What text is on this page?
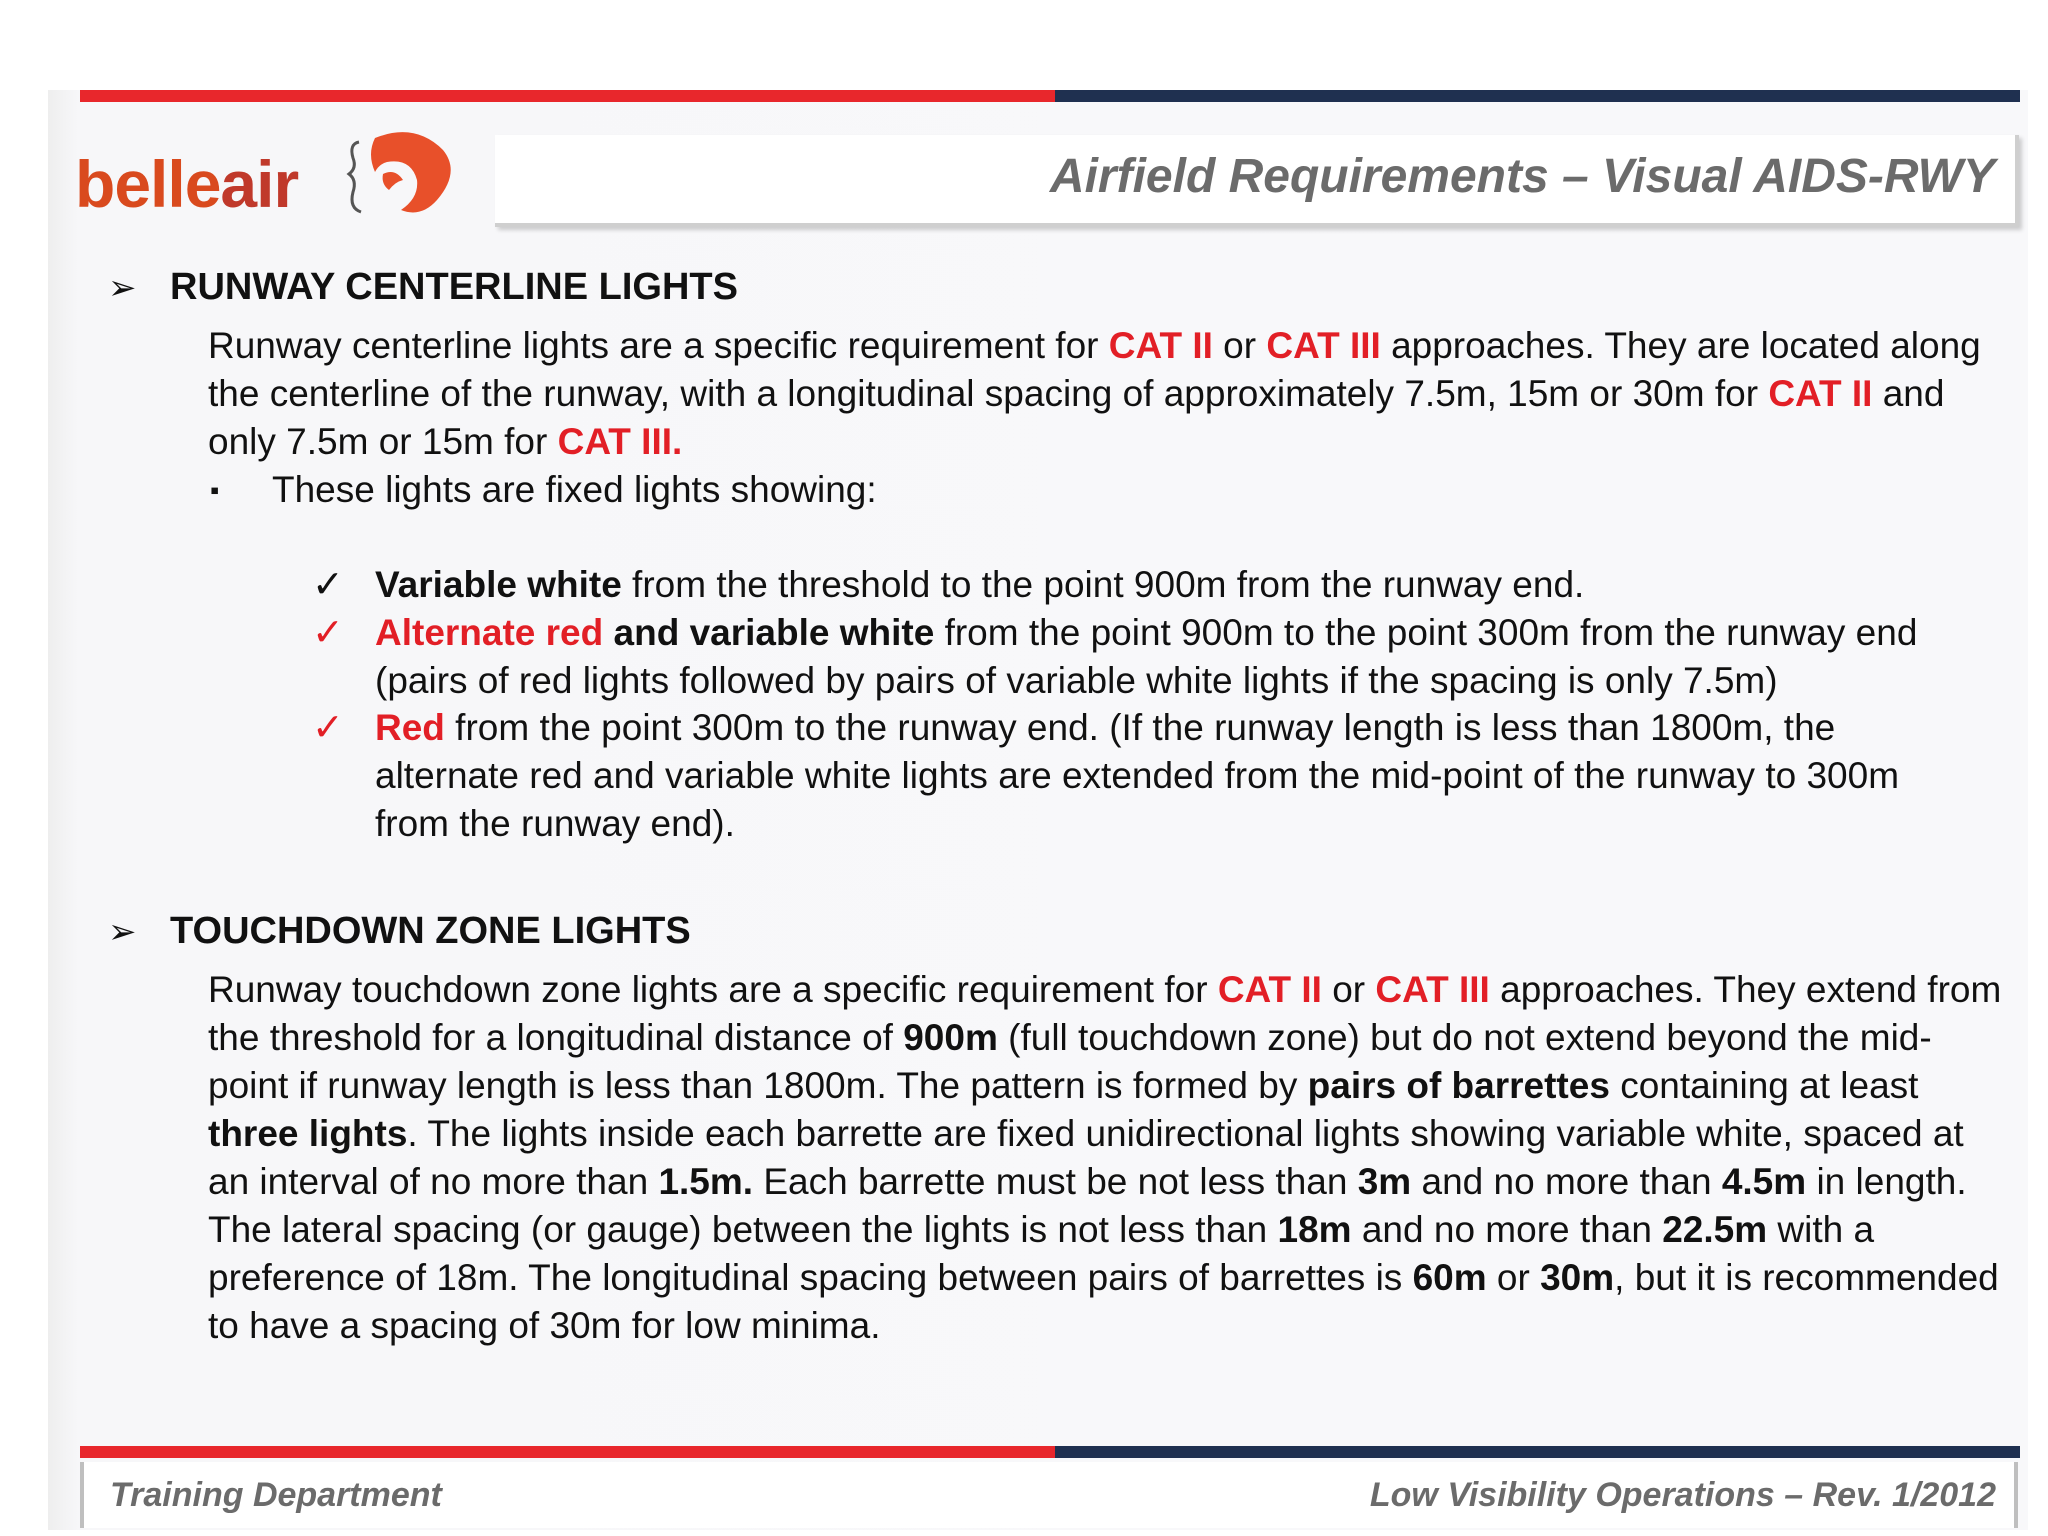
belleair	Airfield Requirements – Visual AIDS-RWY
➢ RUNWAY CENTERLINE LIGHTS
Runway centerline lights are a specific requirement for CAT II or CAT III approaches. They are located along the centerline of the runway, with a longitudinal spacing of approximately 7.5m, 15m or 30m for CAT II and only 7.5m or 15m for CAT III.
▪ These lights are fixed lights showing:
✓ Variable white from the threshold to the point 900m from the runway end.
✓ Alternate red and variable white from the point 900m to the point 300m from the runway end (pairs of red lights followed by pairs of variable white lights if the spacing is only 7.5m)
✓ Red from the point 300m to the runway end. (If the runway length is less than 1800m, the alternate red and variable white lights are extended from the mid-point of the runway to 300m from the runway end).
➢ TOUCHDOWN ZONE LIGHTS
Runway touchdown zone lights are a specific requirement for CAT II or CAT III approaches. They extend from the threshold for a longitudinal distance of 900m (full touchdown zone) but do not extend beyond the mid-point if runway length is less than 1800m. The pattern is formed by pairs of barrettes containing at least three lights. The lights inside each barrette are fixed unidirectional lights showing variable white, spaced at an interval of no more than 1.5m. Each barrette must be not less than 3m and no more than 4.5m in length. The lateral spacing (or gauge) between the lights is not less than 18m and no more than 22.5m with a preference of 18m. The longitudinal spacing between pairs of barrettes is 60m or 30m, but it is recommended to have a spacing of 30m for low minima.
Training Department	Low Visibility Operations – Rev. 1/2012
